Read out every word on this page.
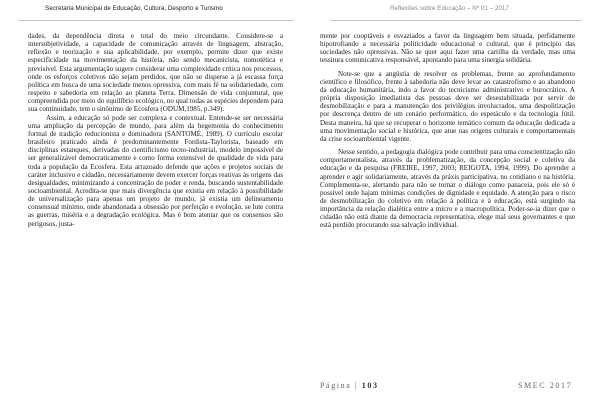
Secretaria Municipal de Educação, Cultura, Desporto e Turismo	Reflexões sobre Educação – Nº 01 – 2017

dades, da dependência direta e total do meio circundante. Considere-se a intersubjetividade, a capacidade de comunicação através de linguagem, abstração, reflexão e teorização e sua aplicabilidade, por exemplo, permite dizer que existe especificidade na movimentação da história, não sendo mecanicista, nomotética e previsível. Esta argumentação sugere considerar uma complexidade crítica nos processos, onde os esforços coletivos não sejam perdidos, que não se disperse a já escassa força política em busca de uma sociedade menos opressiva, com mais fé na solidariedade, com respeito e sabedoria em relação ao planeta Terra. Dimensão de vida conjuntural, que compreendida por meio do equilíbrio ecológico, no qual todas as espécies dependem para sua continuidade, tem o sinônimo de Ecosfera (ODUM,1985, p.349).

Assim, a educação só pode ser complexa e contextual. Entende-se ser necessária uma ampliação da percepção de mundo, para além da hegemonia do conhecimento formal de tradição reducionista e dominadora (SANTOMÉ, 1989). O currículo escolar brasileiro praticado ainda é predominantemente Fordista-Taylorista, baseado em disciplinas estanques, derivadas do cientificismo tecno-industrial, modelo impossível de ser generalizável democraticamente e como forma extensível de qualidade de vida para toda a população da Ecosfera. Esta arrazoado defende que ações e projetos sociais de caráter inclusivo e cidadão, necessariamente devem exercer forças reativas às origens das desigualdades, minimizando a concentração de poder e renda, buscando sustentabilidade socioambiental. Acredita-se que mais divergência que existia em relação à possibilidade de universalização para apenas um projeto de mundo, já existia um delineamento consensual mínimo, onde abandonada a obsessão por perfeição e evolução, se lute contra as guerras, miséria e a degradação ecológica. Mas é bom atentar que os consensos são perigosos, justa-

mente por cooptáveis e esvaziados a favor da linguagem bem situada, perfidamente hipotrofiando a necessária politicidade educacional e cultural, que é princípio das sociedades não opressivas. Não se quer aqui fazer uma cartilha da verdade, mas uma tessitura comunicativa responsável, apontando para uma sinergia solidária.

Note-se que a angústia de resolver os problemas, frente ao aprofundamento científico e filosófico, frente à sabedoria não deve levar ao catastrofismo e ao abandono da educação humanitária, indo a favor do tecnicismo administrativo e burocrático. A própria disposição imediatista das pessoas deve ser desestabilizada por servir de desmobilização e para a manutenção dos privilégios involucrados, uma despolitização por descrença dentro de um cenário performático, do espetáculo e da tecnologia fútil. Desta maneira, há que se recuperar o horizonte temático comum da educação dedicada a uma movimentação social e histórica, que atue nas origens culturais e comportamentais da crise socioambiental vigente.

Nesse sentido, a pedagogia dialógica pode contribuir para uma conscientização não comportamentalista, através da problematização, da concepção social e coletiva da educação e da pesquisa (FREIRE, 1997, 2003; REIGOTA, 1994, 1999). Do aprender a aprender e agir solidariamente, através da práxis participativa, no cotidiano e na história. Complementa-se, alertando para não se tornar o diálogo como panaceia, pois ele só é possível onde hajam mínimas condições de dignidade e equidade. A atenção para o risco de desmobilização do coletivo em relação à política e à educação, está surgindo na importância da relação dialética entre a micro e a macropolítica. Poder-se-ia dizer que o cidadão não está diante da democracia representativa, elege mal seus governantes e que está perdido procurando sua salvação individual.

Página | 103	SMEC 2017
